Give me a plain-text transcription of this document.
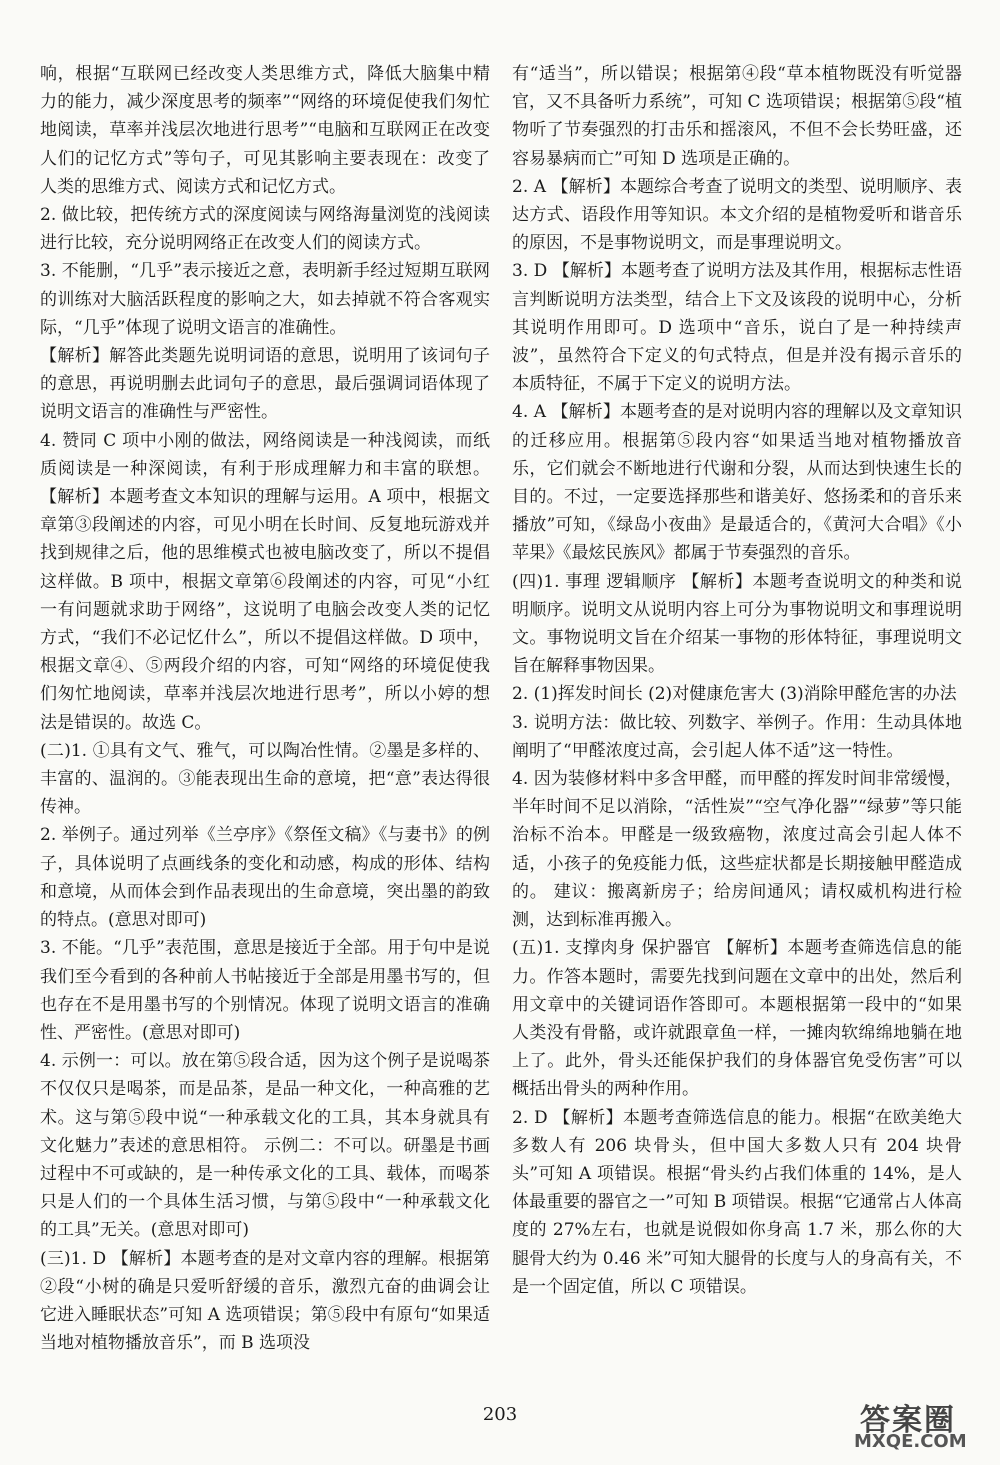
响，根据“互联网已经改变人类思维方式，降低大脑集中精力的能力，减少深度思考的频率”“网络的环境促使我们匆忙地阅读，草率并浅层次地进行思考”“电脑和互联网正在改变人们的记忆方式”等句子，可见其影响主要表现在：改变了人类的思维方式、阅读方式和记忆方式。

2. 做比较，把传统方式的深度阅读与网络海量浏览的浅阅读进行比较，充分说明网络正在改变人们的阅读方式。

3. 不能删，“几乎”表示接近之意，表明新手经过短期互联网的训练对大脑活跃程度的影响之大，如去掉就不符合客观实际，“几乎”体现了说明文语言的准确性。

【解析】解答此类题先说明词语的意思，说明用了该词句子的意思，再说明删去此词句子的意思，最后强调词语体现了说明文语言的准确性与严密性。

4. 赞同 C 项中小刚的做法，网络阅读是一种浅阅读，而纸质阅读是一种深阅读，有利于形成理解力和丰富的联想。 【解析】本题考查文本知识的理解与运用。A 项中，根据文章第③段阐述的内容，可见小明在长时间、反复地玩游戏并找到规律之后，他的思维模式也被电脑改变了，所以不提倡这样做。B 项中，根据文章第⑥段阐述的内容，可见“小红一有问题就求助于网络”，这说明了电脑会改变人类的记忆方式，“我们不必记忆什么”，所以不提倡这样做。D 项中，根据文章④、⑤两段介绍的内容，可知“网络的环境促使我们匆忙地阅读，草率并浅层次地进行思考”，所以小婷的想法是错误的。故选 C。

(二)1. ①具有文气、雅气，可以陶冶性情。②墨是多样的、丰富的、温润的。③能表现出生命的意境，把“意”表达得很传神。

2. 举例子。通过列举《兰亭序》《祭侄文稿》《与妻书》的例子，具体说明了点画线条的变化和动感，构成的形体、结构和意境，从而体会到作品表现出的生命意境，突出墨的韵致的特点。(意思对即可)

3. 不能。“几乎”表范围，意思是接近于全部。用于句中是说我们至今看到的各种前人书帖接近于全部是用墨书写的，但也存在不是用墨书写的个别情况。体现了说明文语言的准确性、严密性。(意思对即可)

4. 示例一：可以。放在第⑤段合适，因为这个例子是说喝茶不仅仅只是喝茶，而是品茶，是品一种文化，一种高雅的艺术。这与第⑤段中说“一种承载文化的工具，其本身就具有文化魅力”表述的意思相符。 示例二：不可以。研墨是书画过程中不可或缺的，是一种传承文化的工具、载体，而喝茶只是人们的一个具体生活习惯，与第⑤段中“一种承载文化的工具”无关。(意思对即可)

(三)1. D 【解析】本题考查的是对文章内容的理解。根据第②段“小树的确是只爱听舒缓的音乐，激烈亢奋的曲调会让它进入睡眠状态”可知 A 选项错误；第⑤段中有原句“如果适当地对植物播放音乐”，而 B 选项没

有“适当”，所以错误；根据第④段“草本植物既没有听觉器官，又不具备听力系统”，可知 C 选项错误；根据第⑤段“植物听了节奏强烈的打击乐和摇滚风，不但不会长势旺盛，还容易暴病而亡”可知 D 选项是正确的。

2. A 【解析】本题综合考查了说明文的类型、说明顺序、表达方式、语段作用等知识。本文介绍的是植物爱听和谐音乐的原因，不是事物说明文，而是事理说明文。

3. D 【解析】本题考查了说明方法及其作用，根据标志性语言判断说明方法类型，结合上下文及该段的说明中心，分析其说明作用即可。D 选项中“音乐，说白了是一种持续声波”，虽然符合下定义的句式特点，但是并没有揭示音乐的本质特征，不属于下定义的说明方法。

4. A 【解析】本题考查的是对说明内容的理解以及文章知识的迁移应用。根据第⑤段内容“如果适当地对植物播放音乐，它们就会不断地进行代谢和分裂，从而达到快速生长的目的。不过，一定要选择那些和谐美好、悠扬柔和的音乐来播放”可知，《绿岛小夜曲》是最适合的，《黄河大合唱》《小苹果》《最炫民族风》都属于节奏强烈的音乐。

(四)1. 事理 逻辑顺序 【解析】本题考查说明文的种类和说明顺序。说明文从说明内容上可分为事物说明文和事理说明文。事物说明文旨在介绍某一事物的形体特征，事理说明文旨在解释事物因果。

2. (1)挥发时间长 (2)对健康危害大 (3)消除甲醛危害的办法

3. 说明方法：做比较、列数字、举例子。作用：生动具体地阐明了“甲醛浓度过高，会引起人体不适”这一特性。

4. 因为装修材料中多含甲醛，而甲醛的挥发时间非常缓慢，半年时间不足以消除，“活性炭”“空气净化器”“绿萝”等只能治标不治本。甲醛是一级致癌物，浓度过高会引起人体不适，小孩子的免疫能力低，这些症状都是长期接触甲醛造成的。 建议：搬离新房子；给房间通风；请权威机构进行检测，达到标准再搬入。

(五)1. 支撑肉身 保护器官 【解析】本题考查筛选信息的能力。作答本题时，需要先找到问题在文章中的出处，然后利用文章中的关键词语作答即可。本题根据第一段中的“如果人类没有骨骼，或许就跟章鱼一样，一摊肉软绵绵地躺在地上了。此外，骨头还能保护我们的身体器官免受伤害”可以概括出骨头的两种作用。

2. D 【解析】本题考查筛选信息的能力。根据“在欧美绝大多数人有 206 块骨头，但中国大多数人只有 204 块骨头”可知 A 项错误。根据“骨头约占我们体重的 14%，是人体最重要的器官之一”可知 B 项错误。根据“它通常占人体高度的 27%左右，也就是说假如你身高 1.7 米，那么你的大腿骨大约为 0.46 米”可知大腿骨的长度与人的身高有关，不是一个固定值，所以 C 项错误。

203	答案圈
MXQE.COM
